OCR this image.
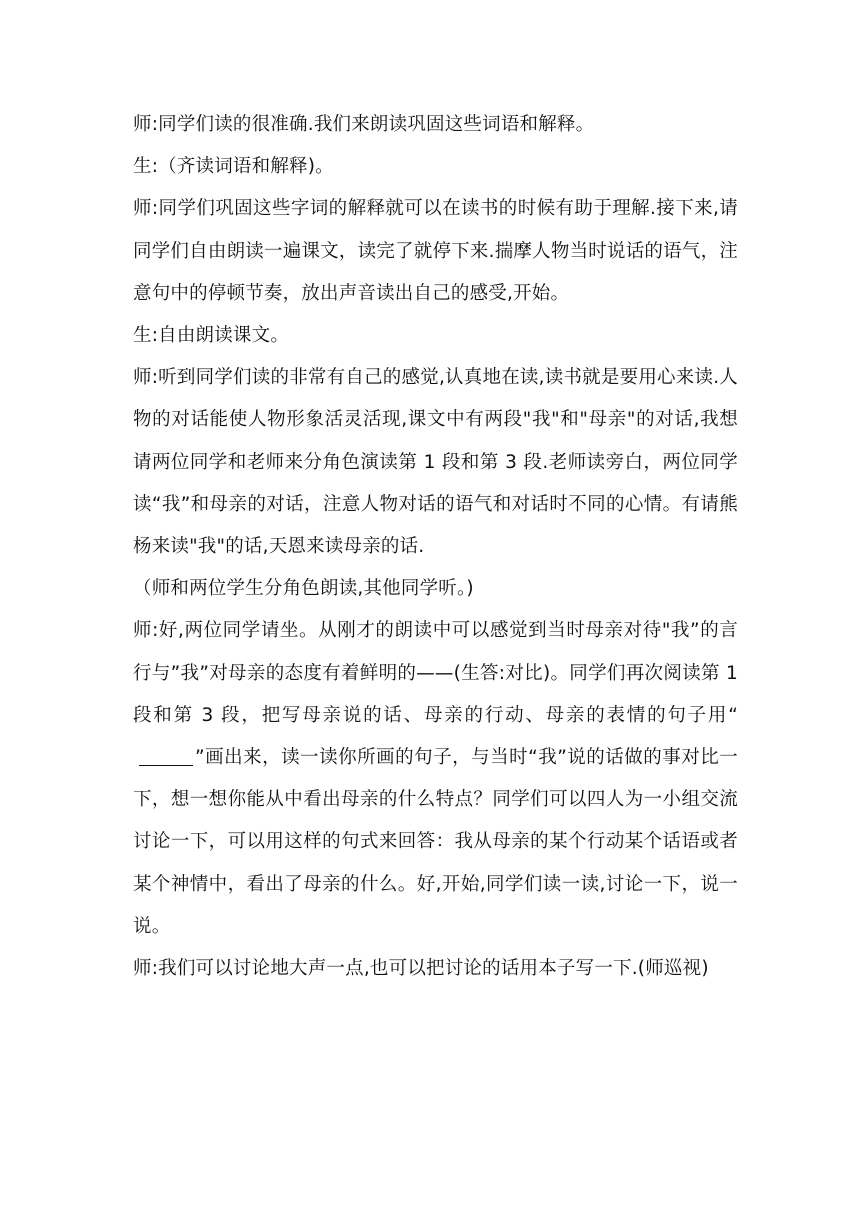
师:同学们读的很准确.我们来朗读巩固这些词语和解释。

生:（齐读词语和解释)。

师:同学们巩固这些字词的解释就可以在读书的时候有助于理解.接下来,请同学们自由朗读一遍课文，读完了就停下来.揣摩人物当时说话的语气，注意句中的停顿节奏，放出声音读出自己的感受,开始。

生:自由朗读课文。

师:听到同学们读的非常有自己的感觉,认真地在读,读书就是要用心来读.人物的对话能使人物形象活灵活现,课文中有两段"我"和"母亲"的对话,我想请两位同学和老师来分角色演读第 1 段和第 3 段.老师读旁白，两位同学读“我”和母亲的对话，注意人物对话的语气和对话时不同的心情。有请熊杨来读"我"的话,天恩来读母亲的话.

（师和两位学生分角色朗读,其他同学听。)

师:好,两位同学请坐。从刚才的朗读中可以感觉到当时母亲对待"我”的言行与”我”对母亲的态度有着鲜明的——(生答:对比)。同学们再次阅读第 1 段和第 3 段，把写母亲说的话、母亲的行动、母亲的表情的句子用“”画出来，读一读你所画的句子，与当时“我”说的话做的事对比一下，想一想你能从中看出母亲的什么特点？同学们可以四人为一小组交流讨论一下，可以用这样的句式来回答：我从母亲的某个行动某个话语或者某个神情中，看出了母亲的什么。好,开始,同学们读一读,讨论一下，说一说。

师:我们可以讨论地大声一点,也可以把讨论的话用本子写一下.(师巡视)
